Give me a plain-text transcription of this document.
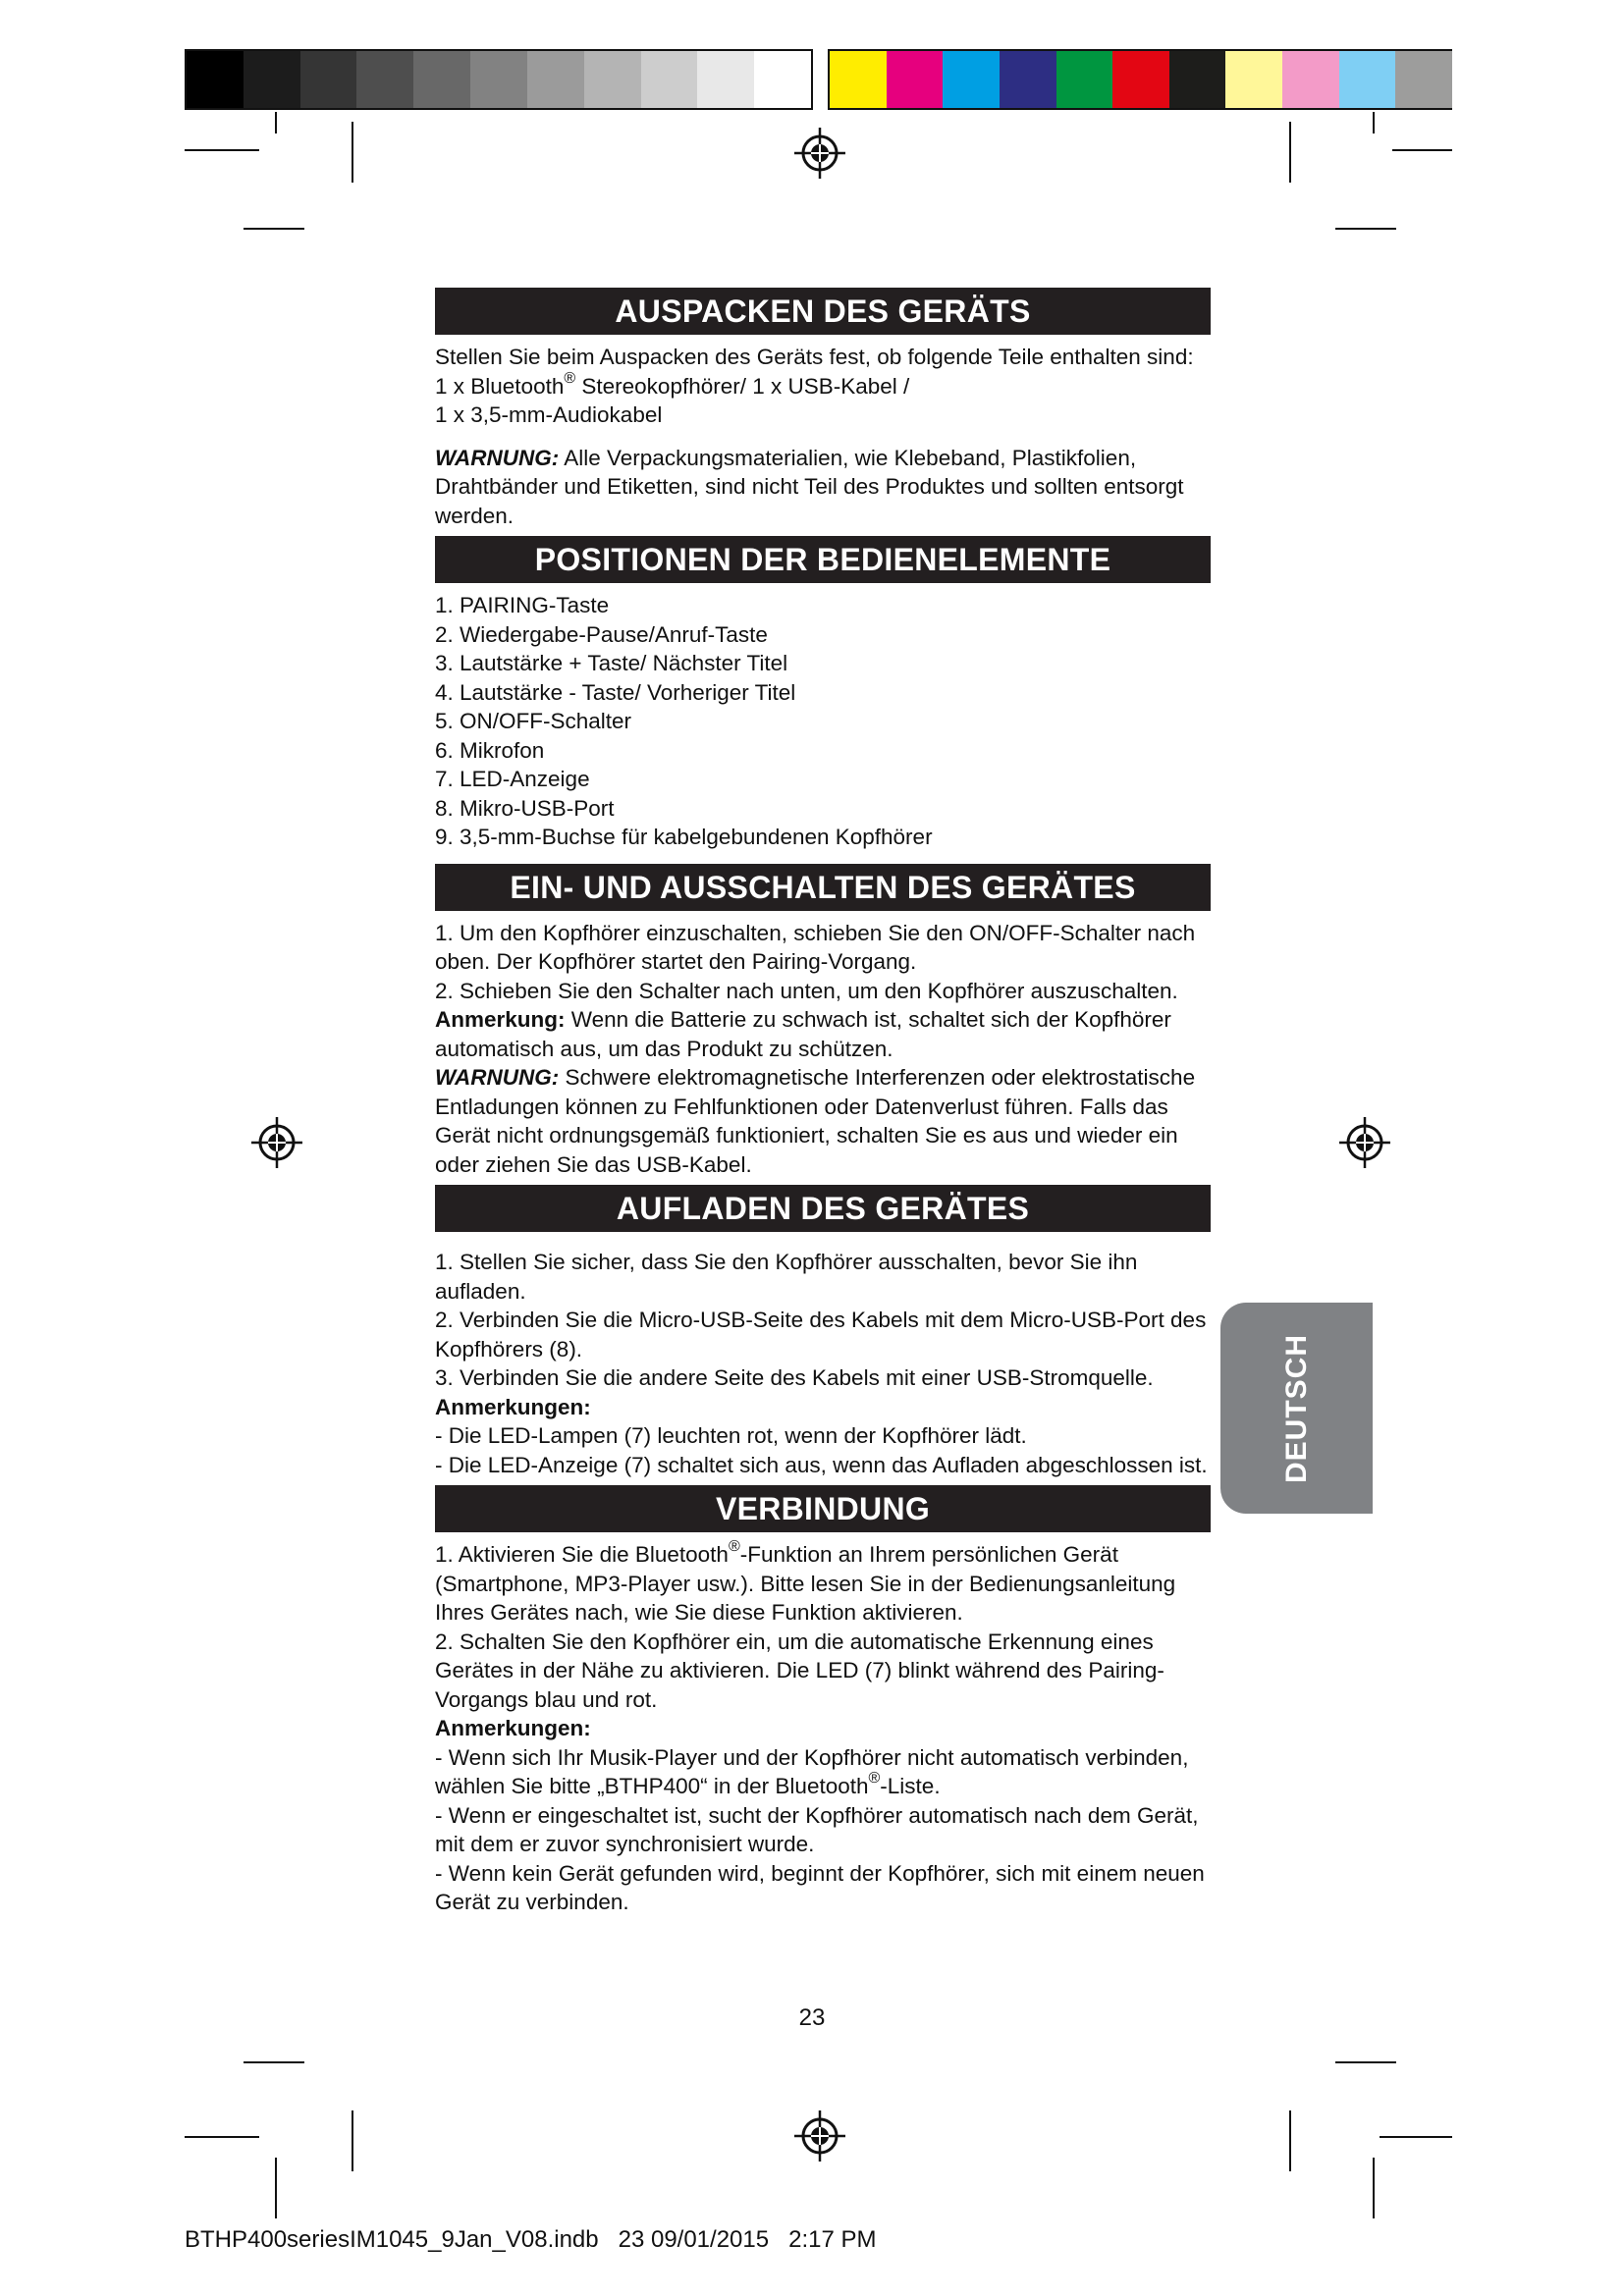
AUSPACKEN DES GERÄTS

Stellen Sie beim Auspacken des Geräts fest, ob folgende Teile enthalten sind:

1 x Bluetooth® Stereokopfhörer/ 1 x USB-Kabel /

1 x 3,5-mm-Audiokabel

WARNUNG: Alle Verpackungsmaterialien, wie Klebeband, Plastikfolien, Drahtbänder und Etiketten, sind nicht Teil des Produktes und sollten entsorgt werden.

POSITIONEN DER BEDIENELEMENTE

1. PAIRING-Taste

2. Wiedergabe-Pause/Anruf-Taste

3. Lautstärke + Taste/ Nächster Titel

4. Lautstärke - Taste/ Vorheriger Titel

5. ON/OFF-Schalter

6. Mikrofon

7. LED-Anzeige

8. Mikro-USB-Port

9. 3,5-mm-Buchse für kabelgebundenen Kopfhörer

EIN- UND AUSSCHALTEN DES GERÄTES

1. Um den Kopfhörer einzuschalten, schieben Sie den ON/OFF-Schalter nach oben. Der Kopfhörer startet den Pairing-Vorgang.

2. Schieben Sie den Schalter nach unten, um den Kopfhörer auszuschalten.

Anmerkung: Wenn die Batterie zu schwach ist, schaltet sich der Kopfhörer automatisch aus, um das Produkt zu schützen.

WARNUNG: Schwere elektromagnetische Interferenzen oder elektrostatische Entladungen können zu Fehlfunktionen oder Datenverlust führen. Falls das Gerät nicht ordnungsgemäß funktioniert, schalten Sie es aus und wieder ein oder ziehen Sie das USB-Kabel.

AUFLADEN DES GERÄTES

1. Stellen Sie sicher, dass Sie den Kopfhörer ausschalten, bevor Sie ihn aufladen.

2. Verbinden Sie die Micro-USB-Seite des Kabels mit dem Micro-USB-Port des Kopfhörers (8).

3. Verbinden Sie die andere Seite des Kabels mit einer USB-Stromquelle.

Anmerkungen:

- Die LED-Lampen (7) leuchten rot, wenn der Kopfhörer lädt.

- Die LED-Anzeige (7) schaltet sich aus, wenn das Aufladen abgeschlossen ist.

VERBINDUNG

1. Aktivieren Sie die Bluetooth®-Funktion an Ihrem persönlichen Gerät (Smartphone, MP3-Player usw.). Bitte lesen Sie in der Bedienungsanleitung Ihres Gerätes nach, wie Sie diese Funktion aktivieren.

2. Schalten Sie den Kopfhörer ein, um die automatische Erkennung eines Gerätes in der Nähe zu aktivieren. Die LED (7) blinkt während des Pairing-Vorgangs blau und rot.

Anmerkungen:

- Wenn sich Ihr Musik-Player und der Kopfhörer nicht automatisch verbinden, wählen Sie bitte „BTHP400“ in der Bluetooth®-Liste.

- Wenn er eingeschaltet ist, sucht der Kopfhörer automatisch nach dem Gerät, mit dem er zuvor synchronisiert wurde.

- Wenn kein Gerät gefunden wird, beginnt der Kopfhörer, sich mit einem neuen Gerät zu verbinden.

DEUTSCH
23
BTHP400seriesIM1045_9Jan_V08.indb   23 09/01/2015   2:17 PM
